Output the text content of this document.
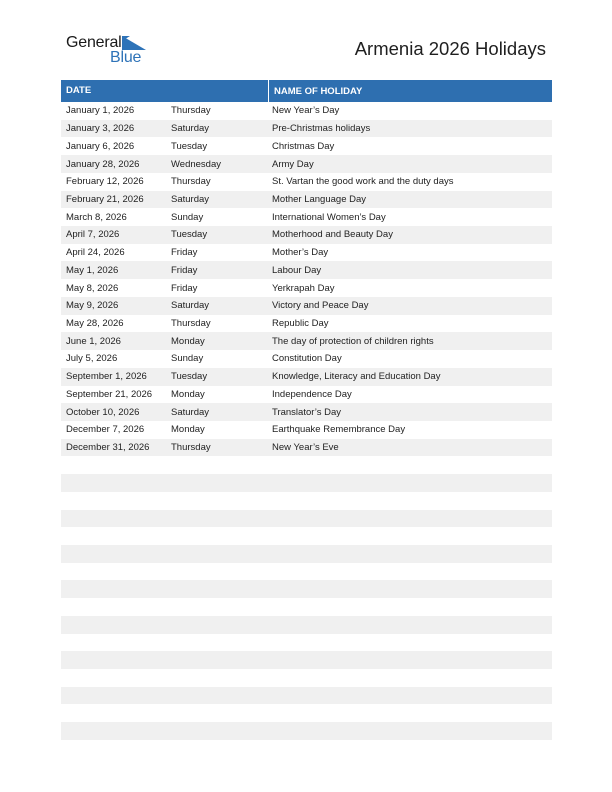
General
Blue	Armenia 2026 Holidays
DATE	NAME OF HOLIDAY
January 1, 2026	Thursday	New Year’s Day
January 3, 2026	Saturday	Pre-Christmas holidays
January 6, 2026	Tuesday	Christmas Day
January 28, 2026	Wednesday	Army Day
February 12, 2026	Thursday	St. Vartan the good work and the duty days
February 21, 2026	Saturday	Mother Language Day
March 8, 2026	Sunday	International Women’s Day
April 7, 2026	Tuesday	Motherhood and Beauty Day
April 24, 2026	Friday	Mother’s Day
May 1, 2026	Friday	Labour Day
May 8, 2026	Friday	Yerkrapah Day
May 9, 2026	Saturday	Victory and Peace Day
May 28, 2026	Thursday	Republic Day
June 1, 2026	Monday	The day of protection of children rights
July 5, 2026	Sunday	Constitution Day
September 1, 2026	Tuesday	Knowledge, Literacy and Education Day
September 21, 2026	Monday	Independence Day
October 10, 2026	Saturday	Translator’s Day
December 7, 2026	Monday	Earthquake Remembrance Day
December 31, 2026	Thursday	New Year’s Eve
